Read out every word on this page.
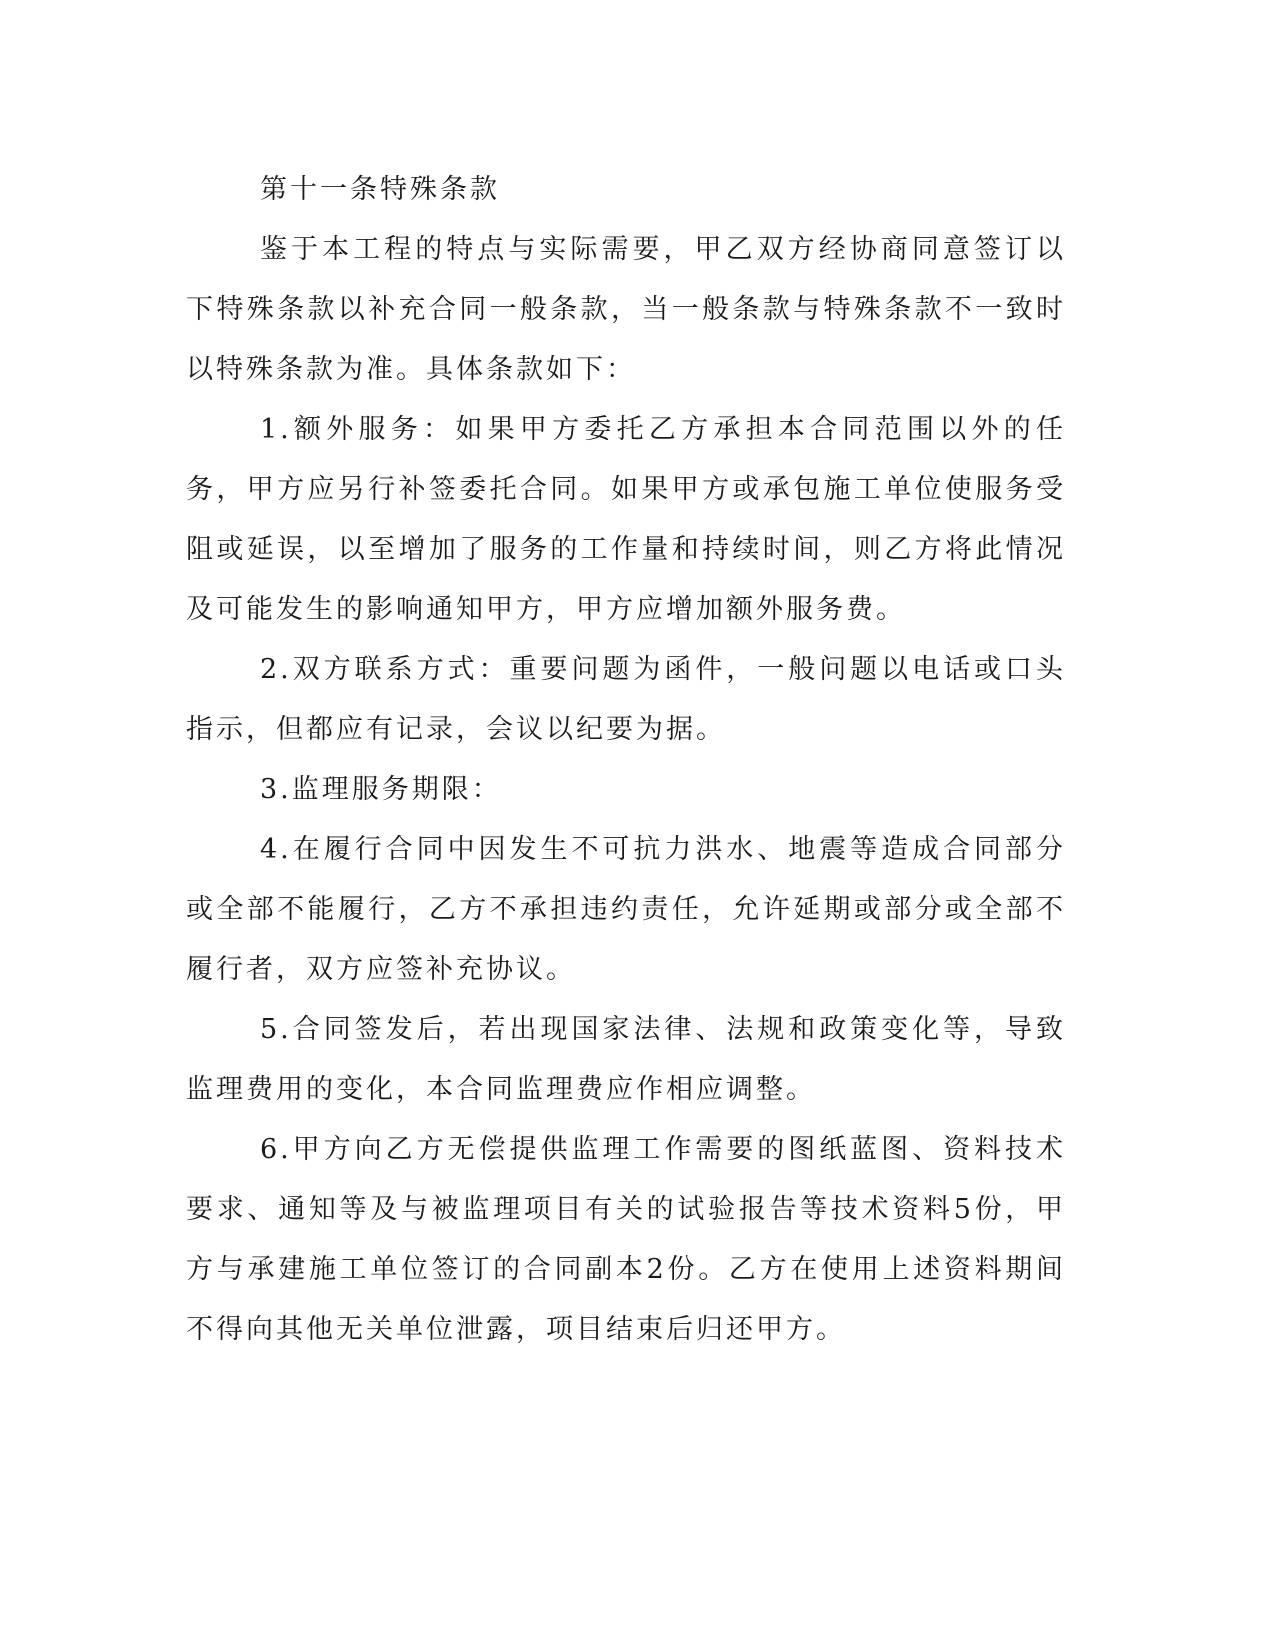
第十一条特殊条款

鉴于本工程的特点与实际需要，甲乙双方经协商同意签订以下特殊条款以补充合同一般条款，当一般条款与特殊条款不一致时以特殊条款为准。具体条款如下：

1.额外服务：如果甲方委托乙方承担本合同范围以外的任务，甲方应另行补签委托合同。如果甲方或承包施工单位使服务受阻或延误，以至增加了服务的工作量和持续时间，则乙方将此情况及可能发生的影响通知甲方，甲方应增加额外服务费。

2.双方联系方式：重要问题为函件，一般问题以电话或口头指示，但都应有记录，会议以纪要为据。

3.监理服务期限：

4.在履行合同中因发生不可抗力洪水、地震等造成合同部分或全部不能履行，乙方不承担违约责任，允许延期或部分或全部不履行者，双方应签补充协议。

5.合同签发后，若出现国家法律、法规和政策变化等，导致监理费用的变化，本合同监理费应作相应调整。

6.甲方向乙方无偿提供监理工作需要的图纸蓝图、资料技术要求、通知等及与被监理项目有关的试验报告等技术资料5份，甲方与承建施工单位签订的合同副本2份。乙方在使用上述资料期间不得向其他无关单位泄露，项目结束后归还甲方。
